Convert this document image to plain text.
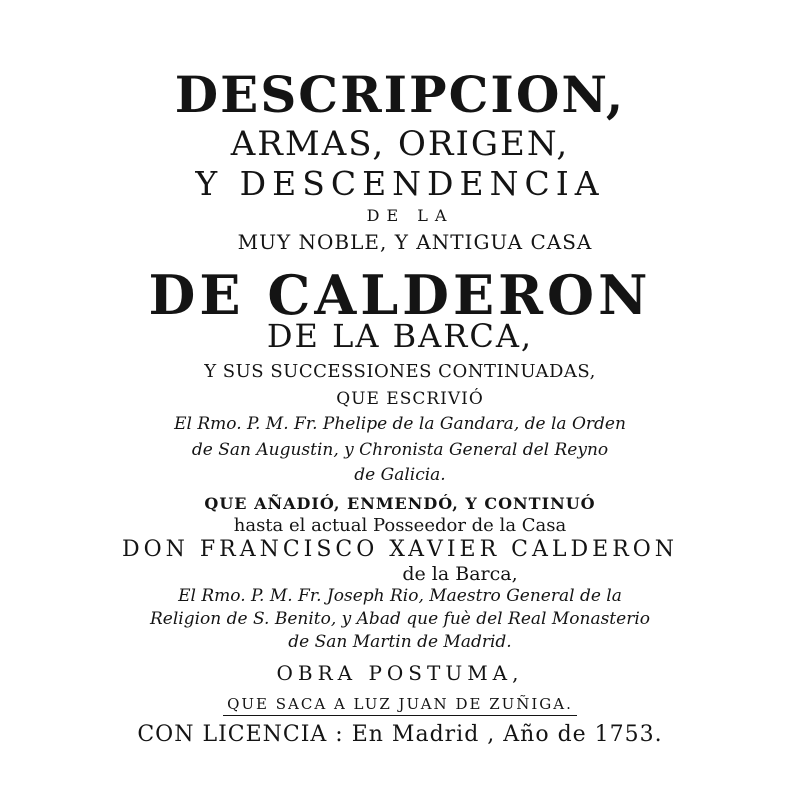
DESCRIPCION,
ARMAS, ORIGEN,
Y DESCENDENCIA
DE LA
MUY NOBLE, Y ANTIGUA CASA
DE CALDERON
DE LA BARCA,
Y SUS SUCCESSIONES CONTINUADAS,
QUE ESCRIVIÓ
El Rmo. P. M. Fr. Phelipe de la Gandara, de la Orden
de San Augustin, y Chronista General del Reyno
de Galicia.
QUE AÑADIÓ, ENMENDÓ, Y CONTINUÓ
hasta el actual Posseedor de la Casa
DON FRANCISCO XAVIER CALDERON
de la Barca,
El Rmo. P. M. Fr. Joseph Rio, Maestro General de la
Religion de S. Benito, y Abad que fuè del Real Monasterio
de San Martin de Madrid.
OBRA POSTUMA,
QUE SACA A LUZ JUAN DE ZUÑIGA.
CON LICENCIA : En Madrid , Año de 1753.
